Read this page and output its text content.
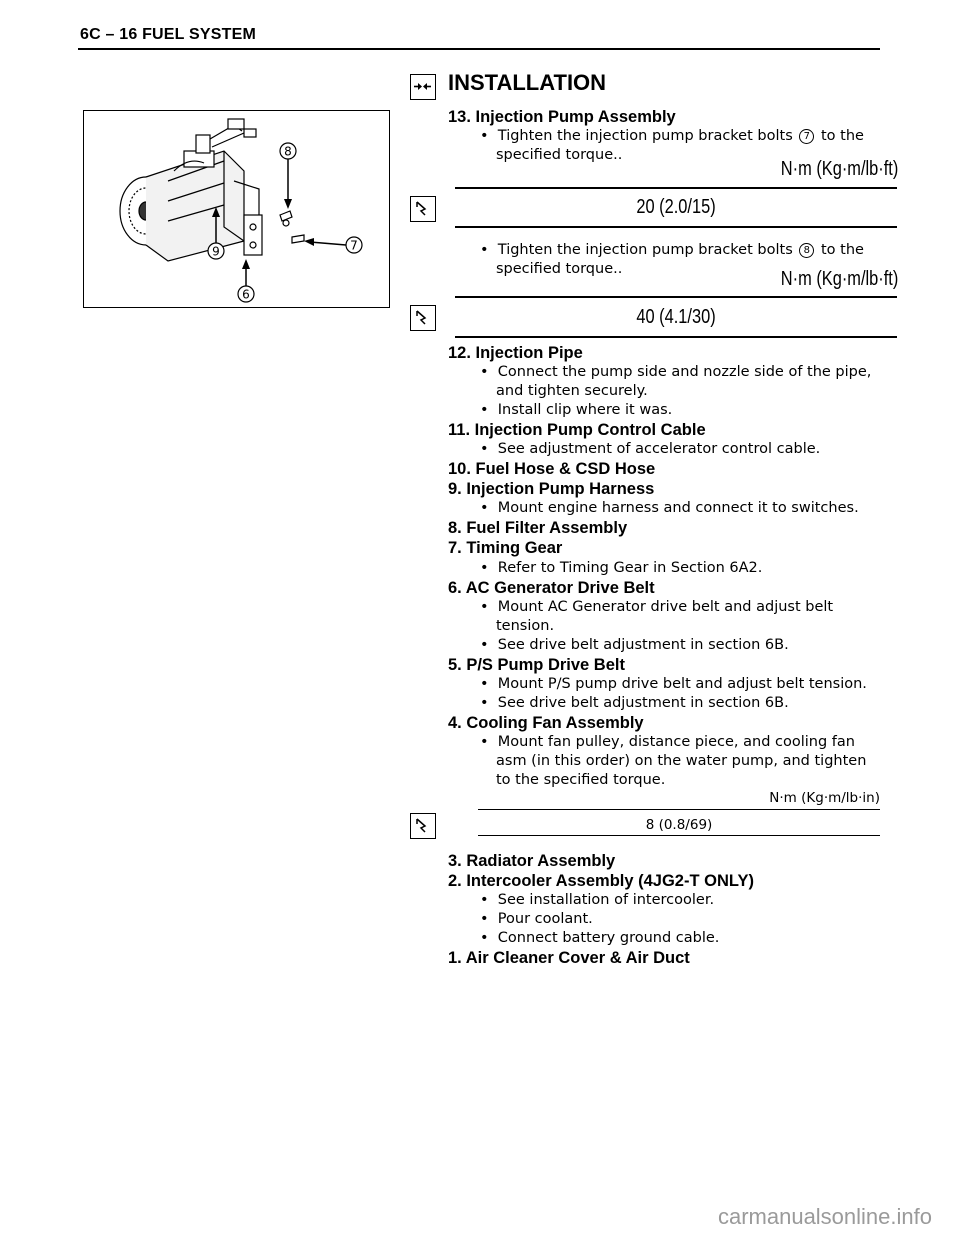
6C – 16 FUEL SYSTEM
8
7
9
6
INSTALLATION
13. Injection Pump Assembly
•  Tighten the injection pump bracket bolts 7 to the
specified torque..
N·m (Kg·m/lb·ft)
20 (2.0/15)
•  Tighten the injection pump bracket bolts 8 to the
specified torque..	N·m (Kg·m/lb·ft)
40 (4.1/30)
12. Injection Pipe
•  Connect the pump side and nozzle side of the pipe,
and tighten securely.
•  Install clip where it was.
11. Injection Pump Control Cable
•  See adjustment of accelerator control cable.
10. Fuel Hose & CSD Hose
9. Injection Pump Harness
•  Mount engine harness and connect it to switches.
8. Fuel Filter Assembly
7. Timing Gear
•  Refer to Timing Gear in Section 6A2.
6. AC Generator Drive Belt
•  Mount AC Generator drive belt and adjust belt
tension.
•  See drive belt adjustment in section 6B.
5. P/S Pump Drive Belt
•  Mount P/S pump drive belt and adjust belt tension.
•  See drive belt adjustment in section 6B.
4. Cooling Fan Assembly
•  Mount fan pulley, distance piece, and cooling fan
asm (in this order) on the water pump, and tighten
to the specified torque.
N·m (Kg·m/lb·in)
8 (0.8/69)
3. Radiator Assembly
2. Intercooler Assembly (4JG2-T ONLY)
•  See installation of intercooler.
•  Pour coolant.
•  Connect battery ground cable.
1. Air Cleaner Cover & Air Duct
carmanualsonline.info
